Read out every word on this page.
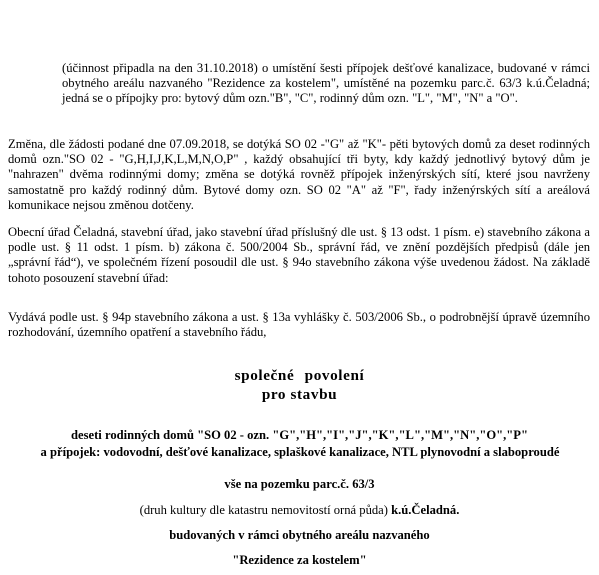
(účinnost připadla na den 31.10.2018) o umístění šesti přípojek dešťové kanalizace, budované v rámci obytného areálu nazvaného "Rezidence za kostelem", umístěné na pozemku parc.č. 63/3 k.ú.Čeladná; jedná se o přípojky pro: bytový dům ozn."B", "C", rodinný dům ozn. "L", "M", "N" a "O".

Změna, dle žádosti podané dne 07.09.2018, se dotýká SO 02 -"G" až "K"- pěti bytových domů za deset rodinných domů ozn."SO 02 - "G,H,I,J,K,L,M,N,O,P" , každý obsahující tři byty, kdy každý jednotlivý bytový dům je "nahrazen" dvěma rodinnými domy; změna se dotýká rovněž přípojek inženýrských sítí, které jsou navrženy samostatně pro každý rodinný dům. Bytové domy ozn. SO 02 "A" až "F", řady inženýrských sítí a areálová komunikace nejsou změnou dotčeny.

Obecní úřad Čeladná, stavební úřad, jako stavební úřad příslušný dle ust. § 13 odst. 1 písm. e) stavebního zákona a podle ust. § 11 odst. 1 písm. b) zákona č. 500/2004 Sb., správní řád, ve znění pozdějších předpisů (dále jen „správní řád“), ve společném řízení posoudil dle ust. § 94o stavebního zákona výše uvedenou žádost. Na základě tohoto posouzení stavební úřad:

Vydává podle ust. § 94p stavebního zákona a ust. § 13a vyhlášky č. 503/2006 Sb., o podrobnější úpravě územního rozhodování, územního opatření a stavebního řádu,

společné povolení

pro stavbu

deseti rodinných domů "SO 02 - ozn. "G","H","I","J","K","L","M","N","O","P"

a přípojek: vodovodní, dešťové kanalizace, splaškové kanalizace, NTL plynovodní a slaboproudé

vše na pozemku parc.č. 63/3

(druh kultury dle katastru nemovitostí orná půda) k.ú.Čeladná.

budovaných v rámci obytného areálu nazvaného

"Rezidence za kostelem"
